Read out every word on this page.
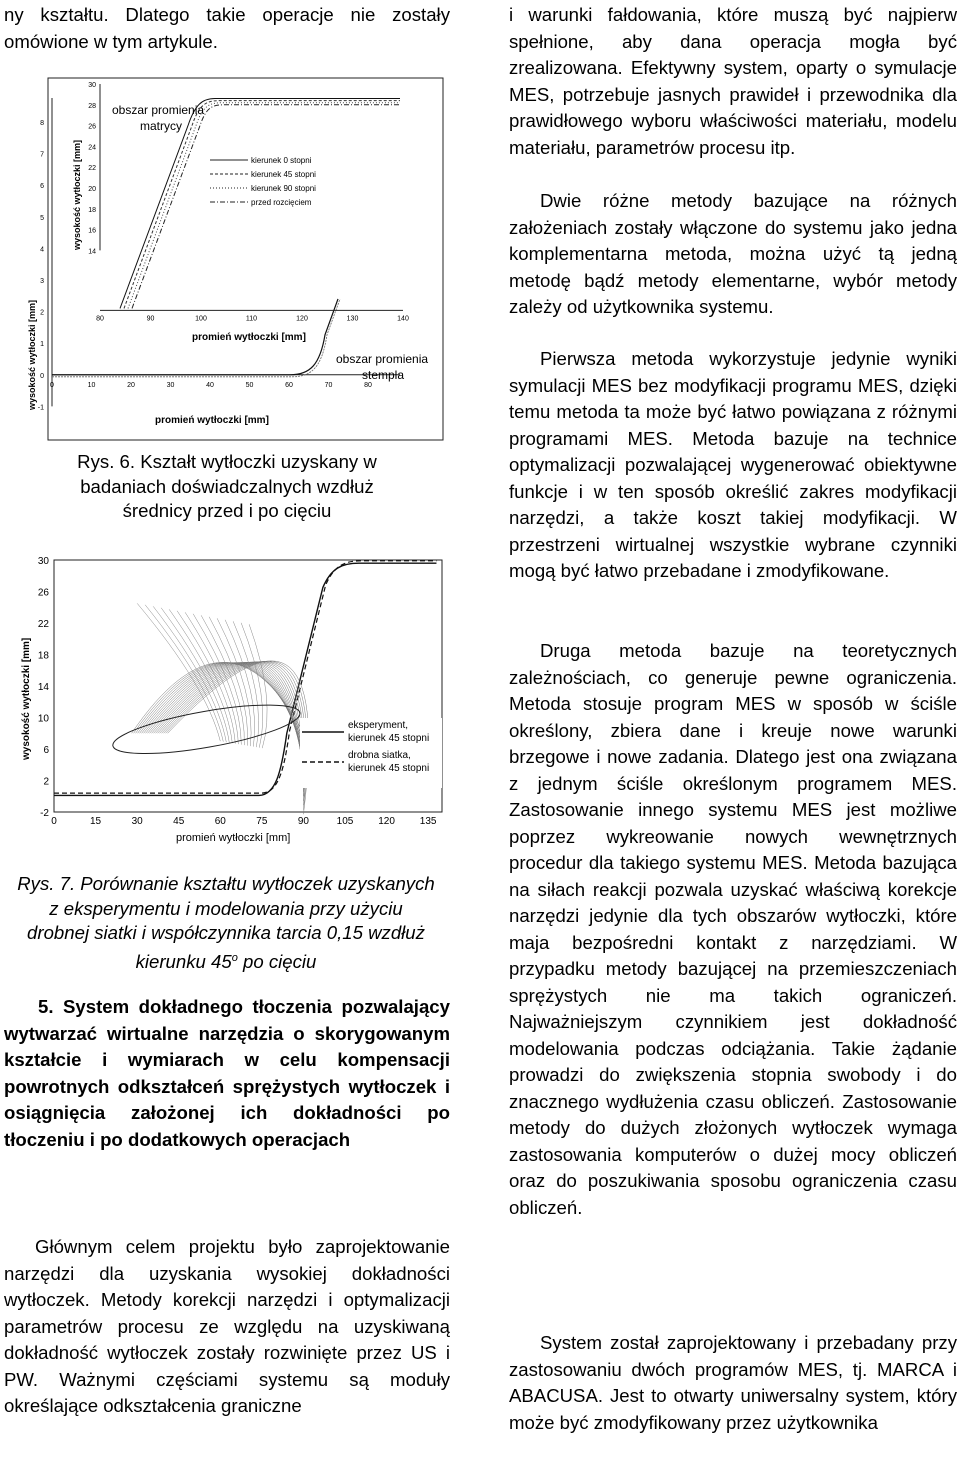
ny kształtu. Dlatego takie operacje nie zostały omówione w tym artykule.

8
7
6
5
4
3
2
1
0
-1
0	10	20	30	40	50	60	70	80
30
28
26
24
22
20
18
16
14
80	90	100	110	120	130	140
wysokość wytłoczki [mm]
promień wytłoczki [mm]
wysokość wytłoczki [mm]
promień wytłoczki [mm]
obszar promienia
matrycy
obszar promienia
stempla
kierunek 0 stopni
kierunek 45 stopni
kierunek 90 stopni
przed rozcięciem

Rys. 6. Kształt wytłoczki uzyskany w badaniach doświadczalnych wzdłuż średnicy przed i po cięciu

30
26
22
18
14
10
6
2
-2
0	15	30	45	60	75	90	105 120 135
wysokość wytłoczki [mm]
promień wytłoczki [mm]
eksperyment,
kierunek 45 stopni
drobna siatka,
kierunek 45 stopni

Rys. 7. Porównanie kształtu wytłoczek uzyskanych z eksperymentu i modelowania przy użyciu drobnej siatki i współczynnika tarcia 0,15 wzdłuż kierunku 45$^o$ po cięciu

5. System dokładnego tłoczenia pozwalający wytwarzać wirtualne narzędzia o skorygowanym kształcie i wymiarach w celu kompensacji powrotnych odkształceń sprężystych wytłoczek i osiągnięcia założonej ich dokładności po tłoczeniu i po dodatkowych operacjach

Głównym celem projektu było zaprojektowanie narzędzi dla uzyskania wysokiej dokładności wytłoczek. Metody korekcji narzędzi i optymalizacji parametrów procesu ze względu na uzyskiwaną dokładność wytłoczek zostały rozwinięte przez US i PW. Ważnymi częściami systemu są moduły określające odkształcenia graniczne

i warunki fałdowania, które muszą być najpierw spełnione, aby dana operacja mogła być zrealizowana. Efektywny system, oparty o symulacje MES, potrzebuje jasnych prawideł i przewodnika dla prawidłowego wyboru właściwości materiału, modelu materiału, parametrów procesu itp.

Dwie różne metody bazujące na różnych założeniach zostały włączone do systemu jako jedna komplementarna metoda, można użyć tą jedną metodę bądź metody elementarne, wybór metody zależy od użytkownika systemu.

Pierwsza metoda wykorzystuje jedynie wyniki symulacji MES bez modyfikacji programu MES, dzięki temu metoda ta może być łatwo powiązana z różnymi programami MES. Metoda bazuje na technice optymalizacji pozwalającej wygenerować obiektywne funkcje i w ten sposób określić zakres modyfikacji narzędzi, a także koszt takiej modyfikacji. W przestrzeni wirtualnej wszystkie wybrane czynniki mogą być łatwo przebadane i zmodyfikowane.

Druga metoda bazuje na teoretycznych zależnościach, co generuje pewne ograniczenia. Metoda stosuje program MES w sposób w ściśle określony, zbiera dane i kreuje nowe warunki brzegowe i nowe zadania. Dlatego jest ona związana z jednym ściśle określonym programem MES. Zastosowanie innego systemu MES jest możliwe poprzez wykreowanie nowych wewnętrznych procedur dla takiego systemu MES. Metoda bazująca na siłach reakcji pozwala uzyskać właściwą korekcje narzędzi jedynie dla tych obszarów wytłoczki, które maja bezpośredni kontakt z narzędziami. W przypadku metody bazującej na przemieszczeniach sprężystych nie ma takich ograniczeń. Najważniejszym czynnikiem jest dokładność modelowania podczas odciążania. Takie żądanie prowadzi do zwiększenia stopnia swobody i do znacznego wydłużenia czasu obliczeń. Zastosowanie metody do dużych złożonych wytłoczek wymaga zastosowania komputerów o dużej mocy obliczeń oraz do poszukiwania sposobu ograniczenia czasu obliczeń.

System został zaprojektowany i przebadany przy zastosowaniu dwóch programów MES, tj. MARCA i ABACUSA. Jest to otwarty uniwersalny system, który może być zmodyfikowany przez użytkownika
